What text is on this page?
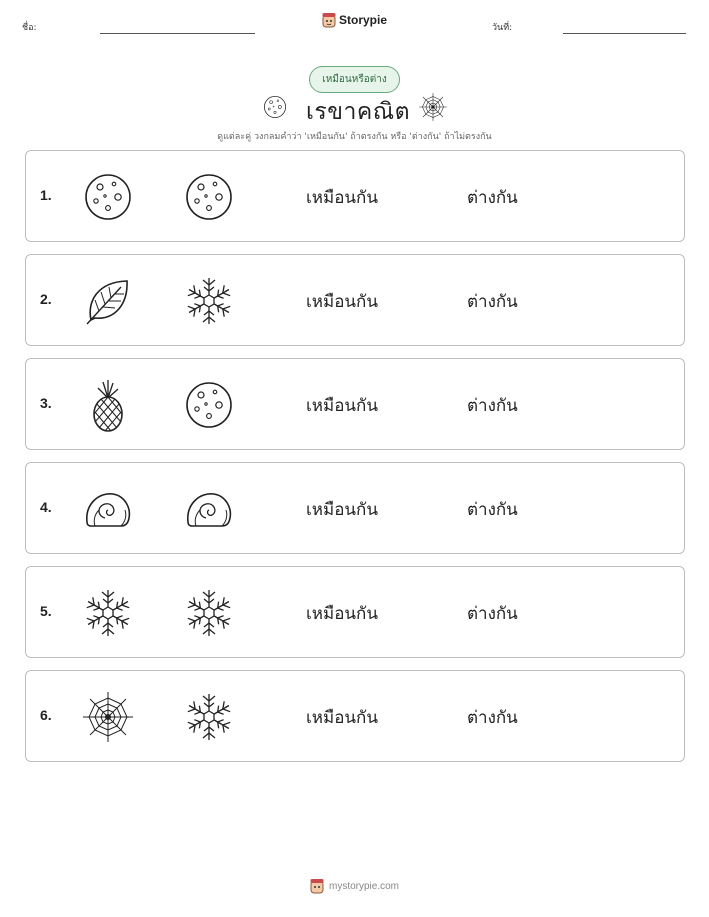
ชื่อ:
Storypie
วันที่:
เหมือนหรือต่าง
เรขาคณิต
ดูแต่ละคู่ วงกลมคำว่า 'เหมือนกัน' ถ้าตรงกัน หรือ 'ต่างกัน' ถ้าไม่ตรงกัน
1.	เหมือนกัน	ต่างกัน
2.	เหมือนกัน	ต่างกัน
3.	เหมือนกัน	ต่างกัน
4.	เหมือนกัน	ต่างกัน
5.	เหมือนกัน	ต่างกัน
6.	เหมือนกัน	ต่างกัน
mystorypie.com
